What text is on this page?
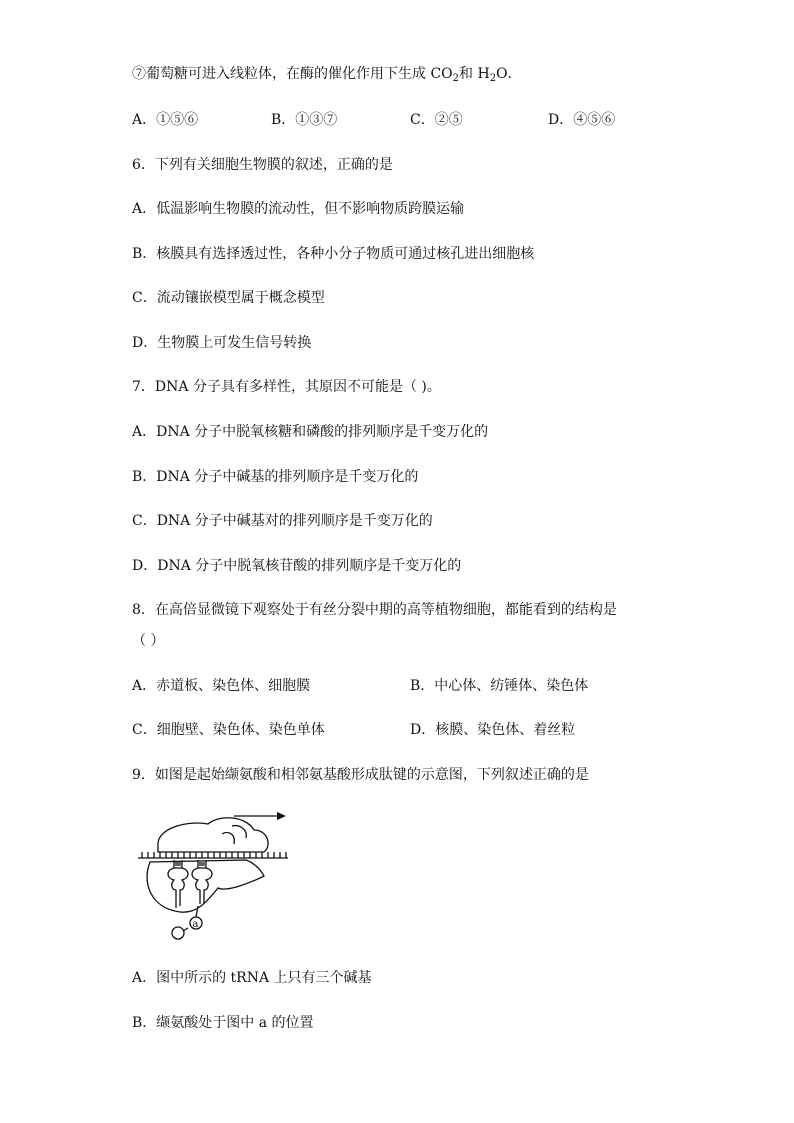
⑦葡萄糖可进入线粒体，在酶的催化作用下生成 $CO_2$和 $H_2O$．
A．①⑤⑥	B．①③⑦	C．②⑤	D．④⑤⑥
6．下列有关细胞生物膜的叙述，正确的是
A．低温影响生物膜的流动性，但不影响物质跨膜运输
B．核膜具有选择透过性，各种小分子物质可通过核孔进出细胞核
C．流动镶嵌模型属于概念模型
D．生物膜上可发生信号转换
7．DNA 分子具有多样性，其原因不可能是（ )。
A．DNA 分子中脱氧核糖和磷酸的排列顺序是千变万化的
B．DNA 分子中碱基的排列顺序是千变万化的
C．DNA 分子中碱基对的排列顺序是千变万化的
D．DNA 分子中脱氧核苷酸的排列顺序是千变万化的
8．在高倍显微镜下观察处于有丝分裂中期的高等植物细胞，都能看到的结构是
（ ）
A．赤道板、染色体、细胞膜	B．中心体、纺锤体、染色体
C．细胞壁、染色体、染色单体	D．核膜、染色体、着丝粒
9．如图是起始缬氨酸和相邻氨基酸形成肽键的示意图，下列叙述正确的是
a
A．图中所示的 tRNA 上只有三个碱基
B．缬氨酸处于图中 a 的位置
